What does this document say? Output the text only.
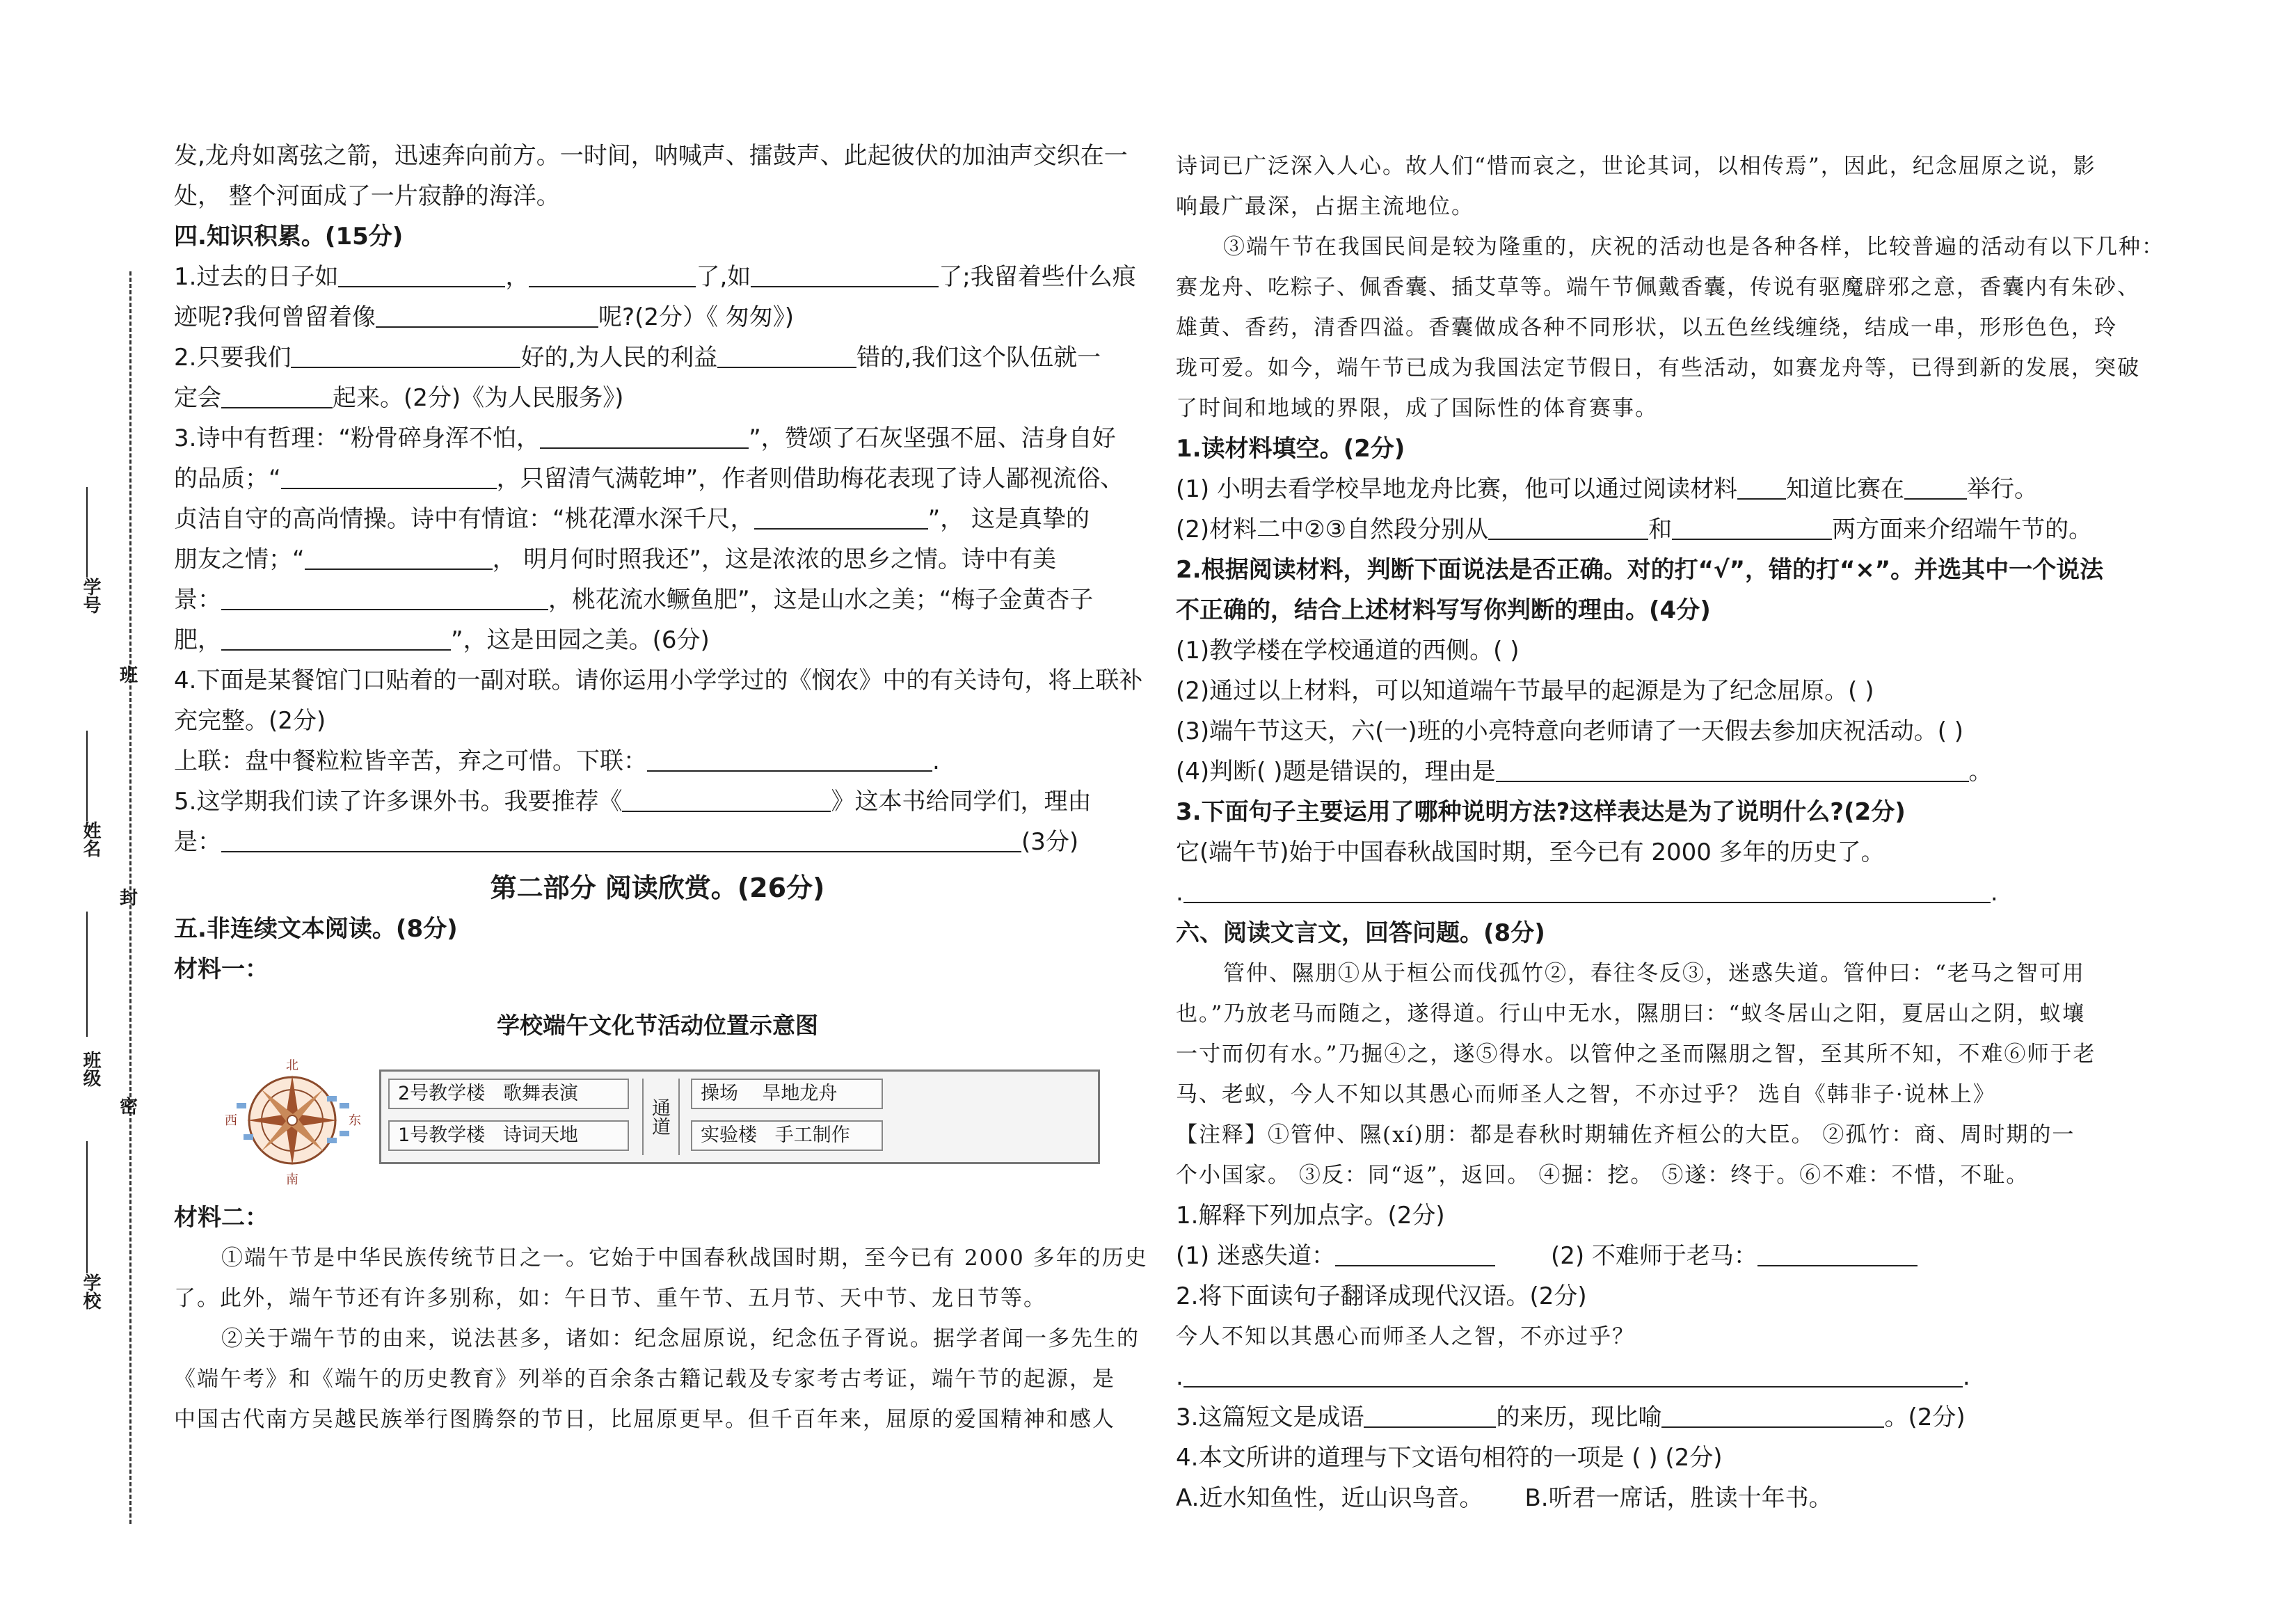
学号
班
姓名
封
班级
密
学校
发,龙舟如离弦之箭，迅速奔向前方。一时间，呐喊声、擂鼓声、此起彼伏的加油声交织在一
处， 整个河面成了一片寂静的海洋。
四.知识积累。(15分)
1.过去的日子如	，	了,如	了;我留着些什么痕
迹呢?我何曾留着像	呢?(2分）《 匆匆》)
2.只要我们	好的,为人民的利益	错的,我们这个队伍就一
定会	起来。(2分)《为人民服务》)
3.诗中有哲理：“粉骨碎身浑不怕，	”，赞颂了石灰坚强不屈、洁身自好
的品质；“	，只留清气满乾坤”，作者则借助梅花表现了诗人鄙视流俗、
贞洁自守的高尚情操。诗中有情谊：“桃花潭水深千尺，	”， 这是真挚的
朋友之情；“	， 明月何时照我还”，这是浓浓的思乡之情。诗中有美
景：	，桃花流水鳜鱼肥”，这是山水之美；“梅子金黄杏子
肥，	”，这是田园之美。(6分)
4.下面是某餐馆门口贴着的一副对联。请你运用小学学过的《悯农》中的有关诗句，将上联补
充完整。(2分)
上联：盘中餐粒粒皆辛苦，弃之可惜。下联：	.
5.这学期我们读了许多课外书。我要推荐《	》这本书给同学们，理由
是：	(3分)
第二部分 阅读欣赏。(26分)
五.非连续文本阅读。(8分)
材料一：
学校端午文化节活动位置示意图
北
南
东
西
2号教学楼 歌舞表演
1号教学楼 诗词天地	通道
操场 旱地龙舟
实验楼 手工制作
材料二：
①端午节是中华民族传统节日之一。它始于中国春秋战国时期，至今已有 2000 多年的历史
了。此外，端午节还有许多别称，如：午日节、重午节、五月节、天中节、龙日节等。
②关于端午节的由来，说法甚多，诸如：纪念屈原说，纪念伍子胥说。据学者闻一多先生的
《端午考》和《端午的历史教育》列举的百余条古籍记载及专家考古考证，端午节的起源，是
中国古代南方吴越民族举行图腾祭的节日，比屈原更早。但千百年来，屈原的爱国精神和感人
诗词已广泛深入人心。故人们“惜而哀之，世论其词，以相传焉”，因此，纪念屈原之说，影
响最广最深，占据主流地位。
③端午节在我国民间是较为隆重的，庆祝的活动也是各种各样，比较普遍的活动有以下几种：
赛龙舟、吃粽子、佩香囊、插艾草等。端午节佩戴香囊，传说有驱魔辟邪之意，香囊内有朱砂、
雄黄、香药，清香四溢。香囊做成各种不同形状，以五色丝线缠绕，结成一串，形形色色，玲
珑可爱。如今，端午节已成为我国法定节假日，有些活动，如赛龙舟等，已得到新的发展，突破
了时间和地域的界限，成了国际性的体育赛事。
1.读材料填空。(2分)
(1) 小明去看学校旱地龙舟比赛，他可以通过阅读材料 知道比赛在	举行。
(2)材料二中②③自然段分别从	和	两方面来介绍端午节的。
2.根据阅读材料，判断下面说法是否正确。对的打“√”，错的打“×”。并选其中一个说法
不正确的，结合上述材料写写你判断的理由。(4分)
(1)教学楼在学校通道的西侧。( )
(2)通过以上材料，可以知道端午节最早的起源是为了纪念屈原。( )
(3)端午节这天，六(一)班的小亮特意向老师请了一天假去参加庆祝活动。( )
(4)判断( )题是错误的，理由是	。
3.下面句子主要运用了哪种说明方法?这样表达是为了说明什么?(2分)
它(端午节)始于中国春秋战国时期，至今已有 2000 多年的历史了。
.	.
六、阅读文言文，回答问题。(8分)
管仲、隰朋①从于桓公而伐孤竹②，春往冬反③，迷惑失道。管仲曰：“老马之智可用
也。”乃放老马而随之，遂得道。行山中无水，隰朋曰：“蚁冬居山之阳，夏居山之阴，蚁壤
一寸而仞有水。”乃掘④之，遂⑤得水。以管仲之圣而隰朋之智，至其所不知，不难⑥师于老
马、老蚁，今人不知以其愚心而师圣人之智，不亦过乎？ 选自《韩非子·说林上》
【注释】①管仲、隰(xí)朋：都是春秋时期辅佐齐桓公的大臣。 ②孤竹：商、周时期的一
个小国家。 ③反：同“返”，返回。 ④掘：挖。 ⑤遂：终于。⑥不难：不惜，不耻。
1.解释下列加点字。(2分)
(1) 迷惑失道：	(2) 不难师于老马：
2.将下面读句子翻译成现代汉语。(2分)
今人不知以其愚心而师圣人之智，不亦过乎？
.	.
3.这篇短文是成语	的来历，现比喻	。(2分)
4.本文所讲的道理与下文语句相符的一项是 ( ) (2分)
A.近水知鱼性，近山识鸟音。 B.听君一席话，胜读十年书。
